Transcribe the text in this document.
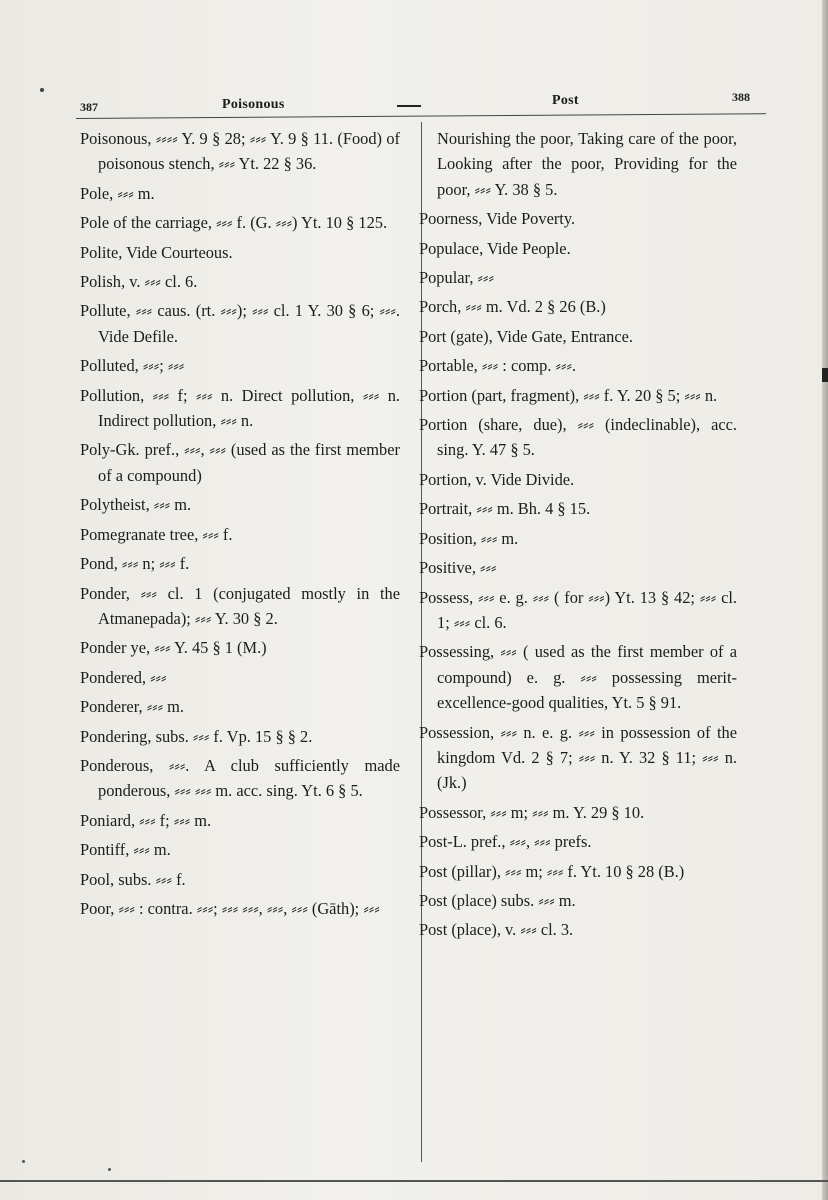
387	Poisonous	Post	388

Poisonous, ⸗⸗⸗⸗ Y. 9 § 28; ⸗⸗⸗ Y. 9 § 11. (Food) of poisonous stench, ⸗⸗⸗ Yt. 22 § 36.

Pole, ⸗⸗⸗ m.

Pole of the carriage, ⸗⸗⸗ f. (G. ⸗⸗⸗) Yt. 10 § 125.

Polite, Vide Courteous.

Polish, v. ⸗⸗⸗ cl. 6.

Pollute, ⸗⸗⸗ caus. (rt. ⸗⸗⸗); ⸗⸗⸗ cl. 1 Y. 30 § 6; ⸗⸗⸗. Vide Defile.

Polluted, ⸗⸗⸗; ⸗⸗⸗

Pollution, ⸗⸗⸗ f; ⸗⸗⸗ n. Direct pollution, ⸗⸗⸗ n. Indirect pollution, ⸗⸗⸗ n.

Poly-Gk. pref., ⸗⸗⸗, ⸗⸗⸗ (used as the first member of a compound)

Polytheist, ⸗⸗⸗ m.

Pomegranate tree, ⸗⸗⸗ f.

Pond, ⸗⸗⸗ n; ⸗⸗⸗ f.

Ponder, ⸗⸗⸗ cl. 1 (conjugated mostly in the Atmanepada); ⸗⸗⸗ Y. 30 § 2.

Ponder ye, ⸗⸗⸗ Y. 45 § 1 (M.)

Pondered, ⸗⸗⸗

Ponderer, ⸗⸗⸗ m.

Pondering, subs. ⸗⸗⸗ f. Vp. 15 § § 2.

Ponderous, ⸗⸗⸗. A club sufficiently made ponderous, ⸗⸗⸗ ⸗⸗⸗ m. acc. sing. Yt. 6 § 5.

Poniard, ⸗⸗⸗ f; ⸗⸗⸗ m.

Pontiff, ⸗⸗⸗ m.

Pool, subs. ⸗⸗⸗ f.

Poor, ⸗⸗⸗ : contra. ⸗⸗⸗; ⸗⸗⸗ ⸗⸗⸗, ⸗⸗⸗, ⸗⸗⸗ (Gāth); ⸗⸗⸗

Nourishing the poor, Taking care of the poor, Looking after the poor, Providing for the poor, ⸗⸗⸗ Y. 38 § 5.

Poorness, Vide Poverty.

Populace, Vide People.

Popular, ⸗⸗⸗

Porch, ⸗⸗⸗ m. Vd. 2 § 26 (B.)

Port (gate), Vide Gate, Entrance.

Portable, ⸗⸗⸗ : comp. ⸗⸗⸗.

Portion (part, fragment), ⸗⸗⸗ f. Y. 20 § 5; ⸗⸗⸗ n.

Portion (share, due), ⸗⸗⸗ (indeclinable), acc. sing. Y. 47 § 5.

Portion, v. Vide Divide.

Portrait, ⸗⸗⸗ m. Bh. 4 § 15.

Position, ⸗⸗⸗ m.

Positive, ⸗⸗⸗

Possess, ⸗⸗⸗ e. g. ⸗⸗⸗ ( for ⸗⸗⸗) Yt. 13 § 42; ⸗⸗⸗ cl. 1; ⸗⸗⸗ cl. 6.

Possessing, ⸗⸗⸗ ( used as the first member of a compound) e. g. ⸗⸗⸗ possessing merit-excellence-good qualities, Yt. 5 § 91.

Possession, ⸗⸗⸗ n. e. g. ⸗⸗⸗ in possession of the kingdom Vd. 2 § 7; ⸗⸗⸗ n. Y. 32 § 11; ⸗⸗⸗ n. (Jk.)

Possessor, ⸗⸗⸗ m; ⸗⸗⸗ m. Y. 29 § 10.

Post-L. pref., ⸗⸗⸗, ⸗⸗⸗ prefs.

Post (pillar), ⸗⸗⸗ m; ⸗⸗⸗ f. Yt. 10 § 28 (B.)

Post (place) subs. ⸗⸗⸗ m.

Post (place), v. ⸗⸗⸗ cl. 3.
